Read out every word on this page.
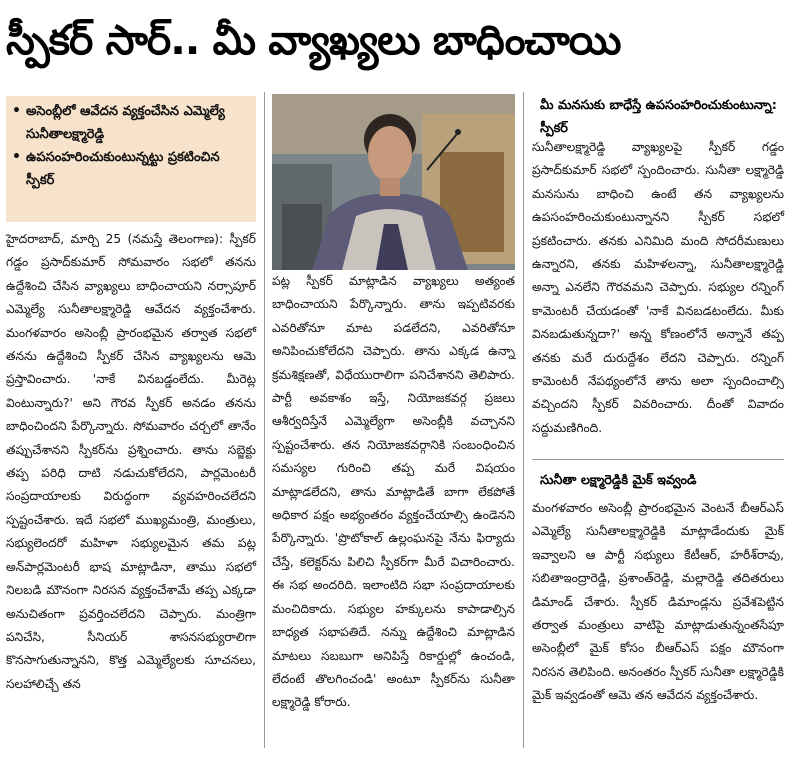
స్పీకర్ సార్.. మీ వ్యాఖ్యలు బాధించాయి
• అసెంబ్లీలో ఆవేదన వ్యక్తంచేసిన ఎమ్మెల్యే సునీతాలక్ష్మారెడ్డి
• ఉపసంహరించుకుంటున్నట్టు ప్రకటించిన స్పీకర్

హైదరాబాద్, మార్చి 25 (నమస్తే తెలంగాణ): స్పీకర్ గడ్డం ప్రసాద్‌కుమార్ సోమవారం సభలో తనను ఉద్దేశించి చేసిన వ్యాఖ్యలు బాధించాయని నర్సాపూర్ ఎమ్మెల్యే సునీతాలక్ష్మారెడ్డి ఆవేదన వ్యక్తంచేశారు. మంగళవారం అసెంబ్లీ ప్రారంభమైన తర్వాత సభలో తనను ఉద్దేశించి స్పీకర్ చేసిన వ్యాఖ్యలను ఆమె ప్రస్తావించారు. 'నాకే వినబడ్డంలేదు. మీరెట్ల వింటున్నారు?' అని గౌరవ స్పీకర్ అనడం తనను బాధించిందని పేర్కొన్నారు. సోమవారం చర్చలో తానేం తప్పుచేశానని స్పీకర్‌ను ప్రశ్నించారు. తాను సబ్జెక్టు తప్ప పరిధి దాటి నడుచుకోలేదని, పార్లమెంటరీ సంప్రదాయాలకు విరుద్ధంగా వ్యవహరించలేదని స్పష్టంచేశారు. ఇదే సభలో ముఖ్యమంత్రి, మంత్రులు, సభ్యులెందరో మహిళా సభ్యులమైన తమ పట్ల అన్‌పార్లమెంటరీ భాష మాట్లాడినా, తాము సభలో నిలబడి మౌనంగా నిరసన వ్యక్తంచేశామే తప్ప ఎక్కడా అనుచితంగా ప్రవర్తించలేదని చెప్పారు. మంత్రిగా పనిచేసి, సీనియర్ శాసనసభ్యురాలిగా కొనసాగుతున్నానని, కొత్త ఎమ్మెల్యేలకు సూచనలు, సలహాలిచ్చే తన

పట్ల స్పీకర్ మాట్లాడిన వ్యాఖ్యలు అత్యంత బాధించాయని పేర్కొన్నారు. తాను ఇప్పటివరకు ఎవరితోనూ మాట పడలేదని, ఎవరితోనూ అనిపించుకోలేదని చెప్పారు. తాను ఎక్కడ ఉన్నా క్రమశిక్షణతో, విధేయురాలిగా పనిచేశానని తెలిపారు. పార్టీ అవకాశం ఇస్తే, నియోజకవర్గ ప్రజలు ఆశీర్వదిస్తేనే ఎమ్మెల్యేగా అసెంబ్లీకి వచ్చానని స్పష్టంచేశారు. తన నియోజకవర్గానికి సంబంధించిన సమస్యల గురించి తప్ప మరే విషయం మాట్లాడలేదని, తాను మాట్లాడితే బాగా లేకపోతే అధికార పక్షం అభ్యంతరం వ్యక్తంచేయాల్సి ఉండెనని పేర్కొన్నారు. 'ప్రొటోకాల్ ఉల్లంఘనపై నేను ఫిర్యాదు చేస్తే, కలెక్టర్‌ను పిలిచి స్పీకర్‌గా మీరే విచారించారు. ఈ సభ అందరిది. ఇలాంటిది సభా సంప్రదాయాలకు మంచిదికాదు. సభ్యుల హక్కులను కాపాడాల్సిన బాధ్యత సభాపతిదే. నన్ను ఉద్దేశించి మాట్లాడిన మాటలు సబబుగా అనిపిస్తే రికార్డుల్లో ఉంచండి, లేదంటే తొలగించండి' అంటూ స్పీకర్‌ను సునీతా లక్ష్మారెడ్డి కోరారు.

మీ మనసుకు బాధేస్తే ఉపసంహరించుకుంటున్నా: స్పీకర్

సునీతాలక్ష్మారెడ్డి వ్యాఖ్యలపై స్పీకర్ గడ్డం ప్రసాద్‌కుమార్ సభలో స్పందించారు. సునీతా లక్ష్మారెడ్డి మనసును బాధించి ఉంటే తన వ్యాఖ్యలను ఉపసంహరించుకుంటున్నానని స్పీకర్ సభలో ప్రకటించారు. తనకు ఎనిమిది మంది సోదరీమణులు ఉన్నారని, తనకు మహిళలన్నా, సునీతాలక్ష్మారెడ్డి అన్నా ఎనలేని గౌరవమని చెప్పారు. సభ్యుల రన్నింగ్ కామెంటరీ చేయడంతో 'నాకే వినబడటంలేదు. మీకు వినబడుతున్నదా?' అన్న కోణంలోనే అన్నానే తప్ప తనకు మరే దురుద్దేశం లేదని చెప్పారు. రన్నింగ్ కామెంటరీ నేపథ్యంలోనే తాను అలా స్పందించాల్సి వచ్చిందని స్పీకర్ వివరించారు. దీంతో వివాదం సద్దుమణిగింది.

సునీతా లక్ష్మారెడ్డికి మైక్ ఇవ్వండి

మంగళవారం అసెంబ్లీ ప్రారంభమైన వెంటనే బీఆర్ఎస్ ఎమ్మెల్యే సునీతాలక్ష్మారెడ్డికి మాట్లాడేందుకు మైక్ ఇవ్వాలని ఆ పార్టీ సభ్యులు కేటీఆర్, హరీశ్‌రావు, సబితాఇంద్రారెడ్డి, ప్రశాంత్‌రెడ్డి, మల్లారెడ్డి తదితరులు డిమాండ్ చేశారు. స్పీకర్ డిమాండ్లను ప్రవేశపెట్టిన తర్వాత మంత్రులు వాటిపై మాట్లాడుతున్నంతసేపూ అసెంబ్లీలో మైక్ కోసం బీఆర్ఎస్ పక్షం మౌనంగా నిరసన తెలిపింది. అనంతరం స్పీకర్ సునీతా లక్ష్మారెడ్డికి మైక్ ఇవ్వడంతో ఆమె తన ఆవేదన వ్యక్తంచేశారు.
